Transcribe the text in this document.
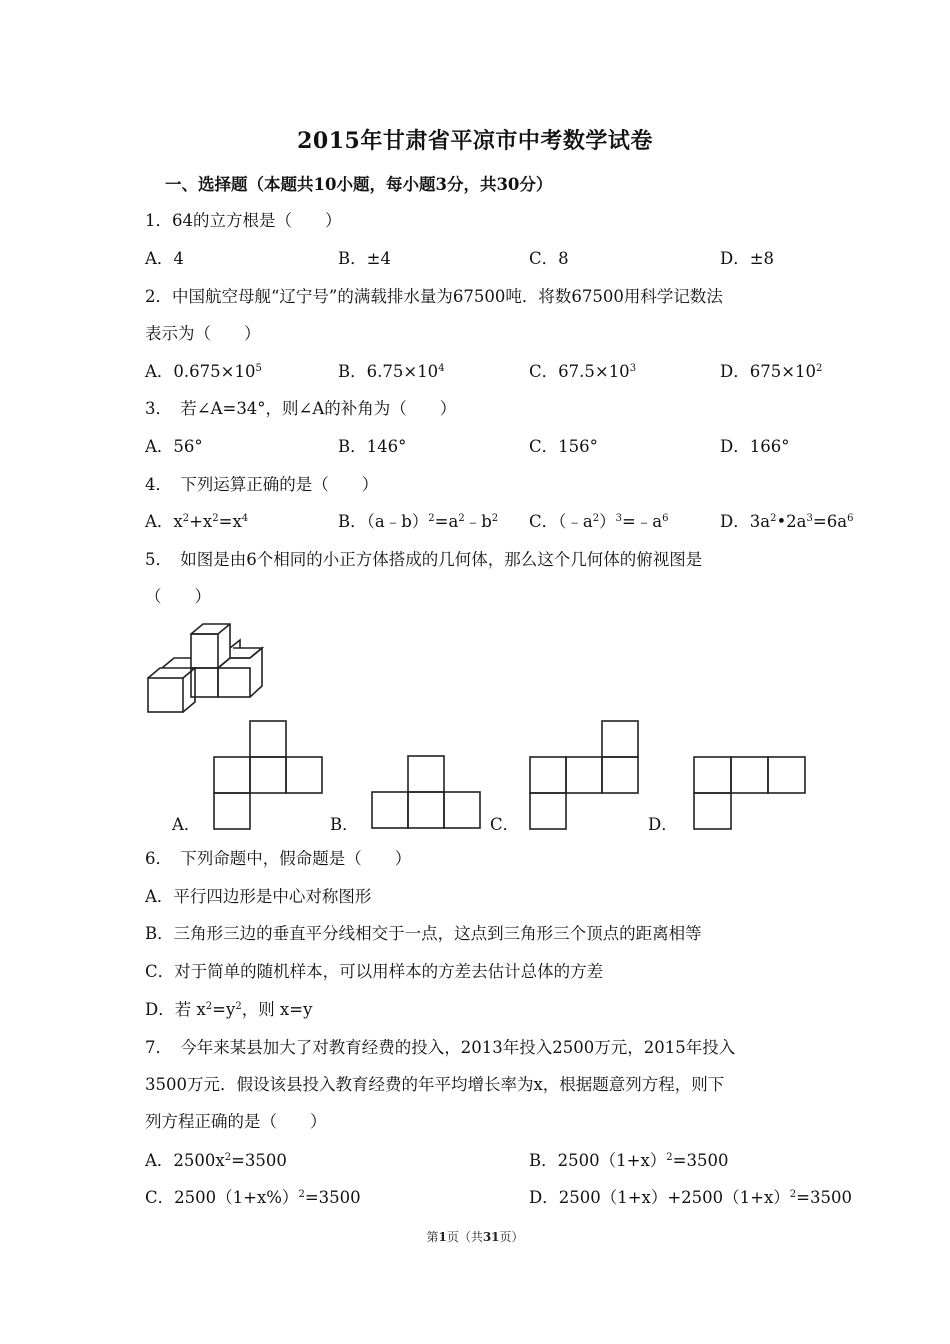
2015年甘肃省平凉市中考数学试卷
一、选择题（本题共10小题，每小题3分，共30分）
1．64的立方根是（　　）
A．4	B．±4	C．8	D．±8
2．中国航空母舰“辽宁号”的满载排水量为67500吨．将数67500用科学记数法
表示为（　　）
A．$0.675\times 10^5$	B．$6.75\times 10^4$	C．$67.5\times 10^3$	D．$675\times 10^2$
3．　若∠A=34°，则∠A的补角为（　　）
A．56°	B．146°	C．156°	D．166°
4．　下列运算正确的是（　　）
A．$x^2+x^2=x^4$	B．$(a﹣b)^2=a^2﹣b^2$ C．$(﹣a^2)^3=﹣a^6$	D．$3a^2•2a^3=6a^6$
5．　如图是由6个相同的小正方体搭成的几何体，那么这个几何体的俯视图是
（　　）
A．	B．	C．	D．
6．　下列命题中，假命题是（　　）
A．平行四边形是中心对称图形
B．三角形三边的垂直平分线相交于一点，这点到三角形三个顶点的距离相等
C．对于简单的随机样本，可以用样本的方差去估计总体的方差
D．若 $x^2=y^2$，则 x=y
7．　今年来某县加大了对教育经费的投入，2013年投入2500万元，2015年投入
3500万元．假设该县投入教育经费的年平均增长率为x，根据题意列方程，则下
列方程正确的是（　　）
A．$2500x^2=3500$	B．$2500(1+x)^2=3500$
C．$2500(1+x\%)^2=3500$	D．$2500(1+x)+2500(1+x)^2=3500$
第1页（共31页）
